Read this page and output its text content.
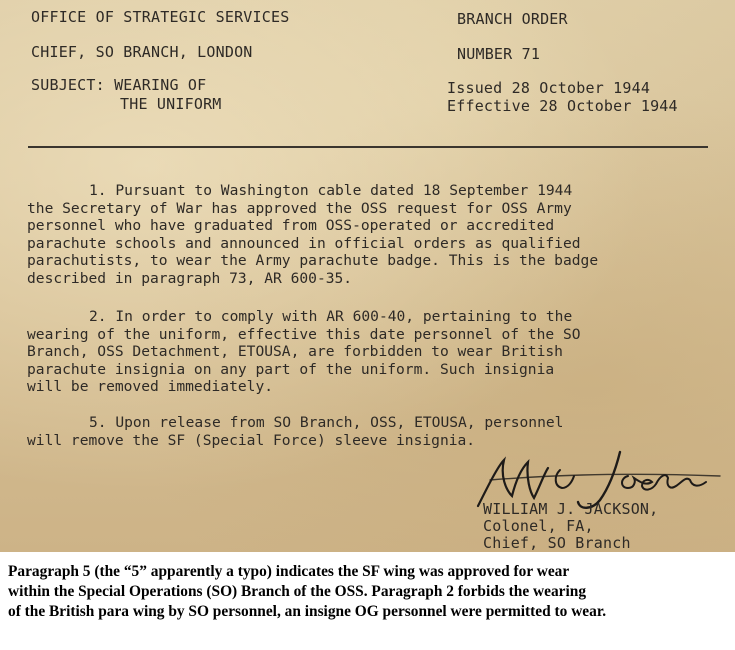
OFFICE OF STRATEGIC SERVICES

CHIEF, SO BRANCH, LONDON

SUBJECT: WEARING OF

THE UNIFORM

BRANCH ORDER

NUMBER 71

Issued 28 October 1944

Effective 28 October 1944

1. Pursuant to Washington cable dated 18 September 1944
the Secretary of War has approved the OSS request for OSS Army
personnel who have graduated from OSS-operated or accredited
parachute schools and announced in official orders as qualified
parachutists, to wear the Army parachute badge. This is the badge
described in paragraph 73, AR 600-35.

2. In order to comply with AR 600-40, pertaining to the
wearing of the uniform, effective this date personnel of the SO
Branch, OSS Detachment, ETOUSA, are forbidden to wear British
parachute insignia on any part of the uniform. Such insignia
will be removed immediately.

5. Upon release from SO Branch, OSS, ETOUSA, personnel
will remove the SF (Special Force) sleeve insignia.

WILLIAM J. JACKSON,

Colonel, FA,

Chief, SO Branch

Paragraph 5 (the “5” apparently a typo) indicates the SF wing was approved for wear
within the Special Operations (SO) Branch of the OSS. Paragraph 2 forbids the wearing
of the British para wing by SO personnel, an insigne OG personnel were permitted to wear.
